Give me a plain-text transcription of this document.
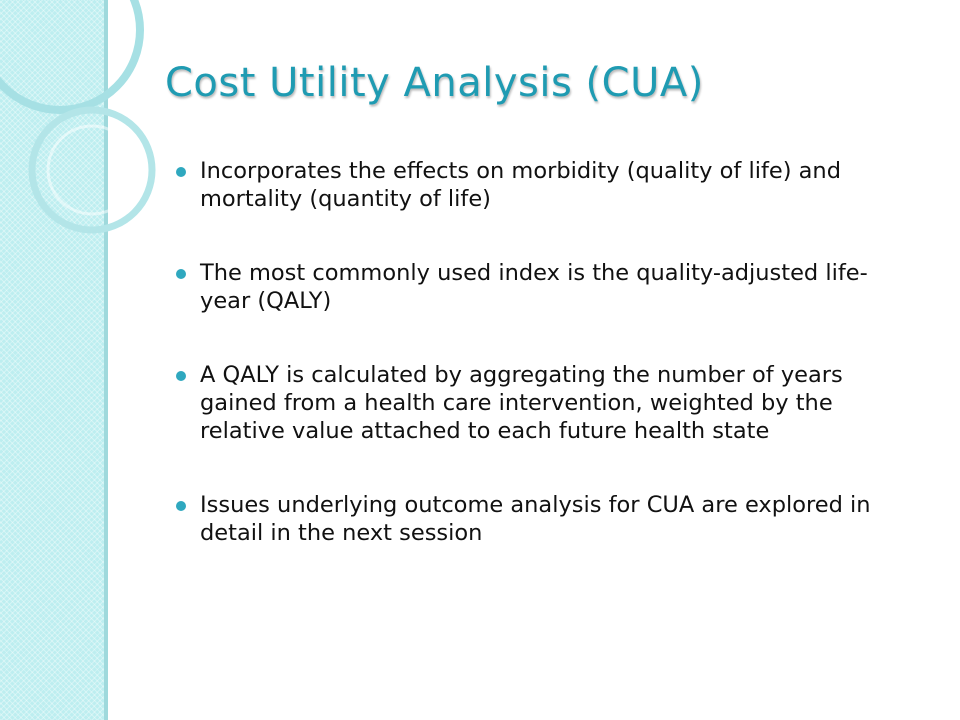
Cost Utility Analysis (CUA)
Incorporates the effects on morbidity (quality of life) and mortality (quantity of life)
The most commonly used index is the quality-adjusted life-year (QALY)
A QALY is calculated by aggregating the number of years gained from a health care intervention, weighted by the relative value attached to each future health state
Issues underlying outcome analysis for CUA are explored in detail in the next session
